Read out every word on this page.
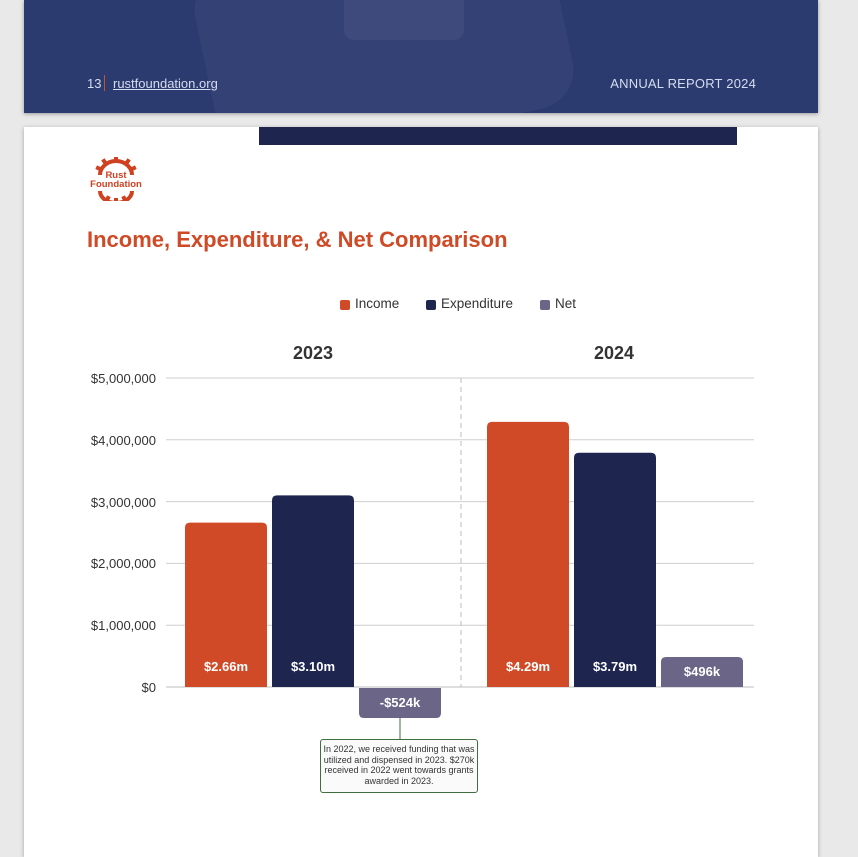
13 rustfoundation.org	ANNUAL REPORT 2024
Rust
Foundation
Income, Expenditure, & Net Comparison
Income	Expenditure	Net
2023	2024
$0
$1,000,000
$2,000,000
$3,000,000
$4,000,000
$5,000,000
$2.66m	$4.29m
$3.10m	$3.79m
-$524k
$496k
In 2022, we received funding that was utilized and dispensed in 2023. $270k received in 2022 went towards grants awarded in 2023.
